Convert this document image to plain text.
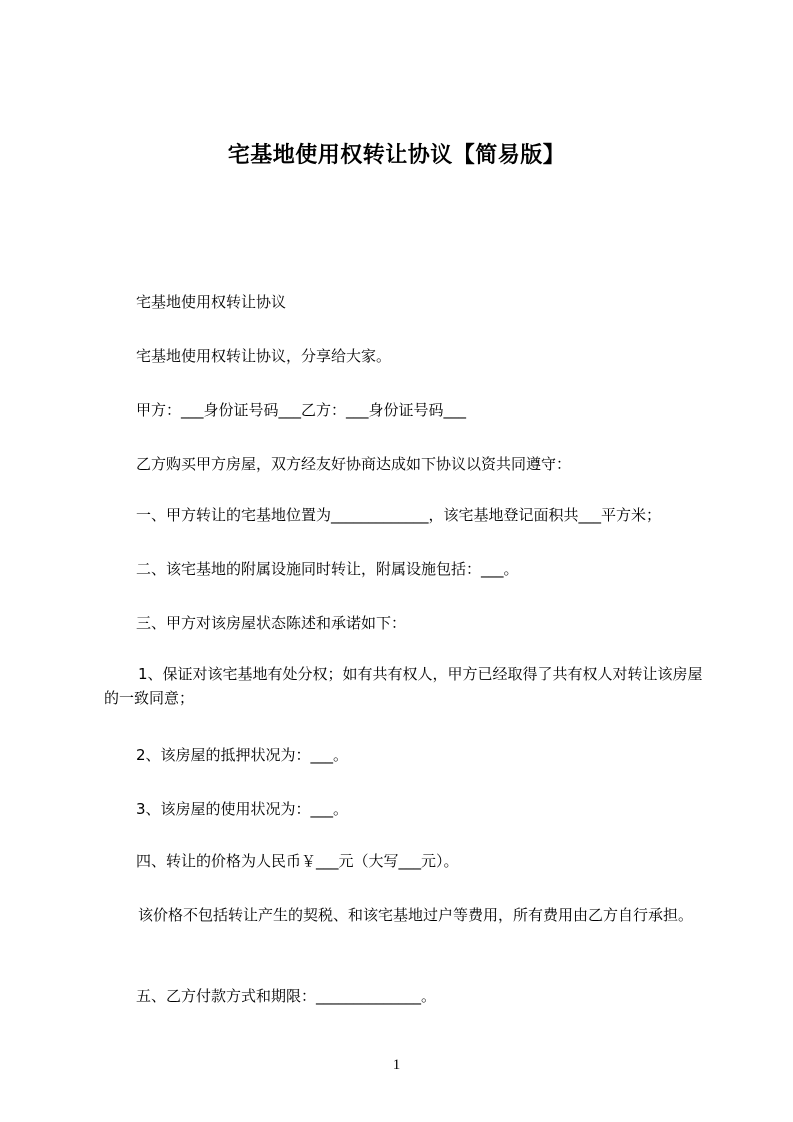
宅基地使用权转让协议【简易版】
宅基地使用权转让协议
宅基地使用权转让协议，分享给大家。
甲方：___身份证号码___乙方：___身份证号码___
乙方购买甲方房屋，双方经友好协商达成如下协议以资共同遵守：
一、甲方转让的宅基地位置为_____________，该宅基地登记面积共___平方米；
二、该宅基地的附属设施同时转让，附属设施包括：___。
三、甲方对该房屋状态陈述和承诺如下：
1、保证对该宅基地有处分权；如有共有权人，甲方已经取得了共有权人对转让该房屋的一致同意；
2、该房屋的抵押状况为：___。
3、该房屋的使用状况为：___。
四、转让的价格为人民币￥___元（大写___元）。
该价格不包括转让产生的契税、和该宅基地过户等费用，所有费用由乙方自行承担。
五、乙方付款方式和期限：______________。
1
